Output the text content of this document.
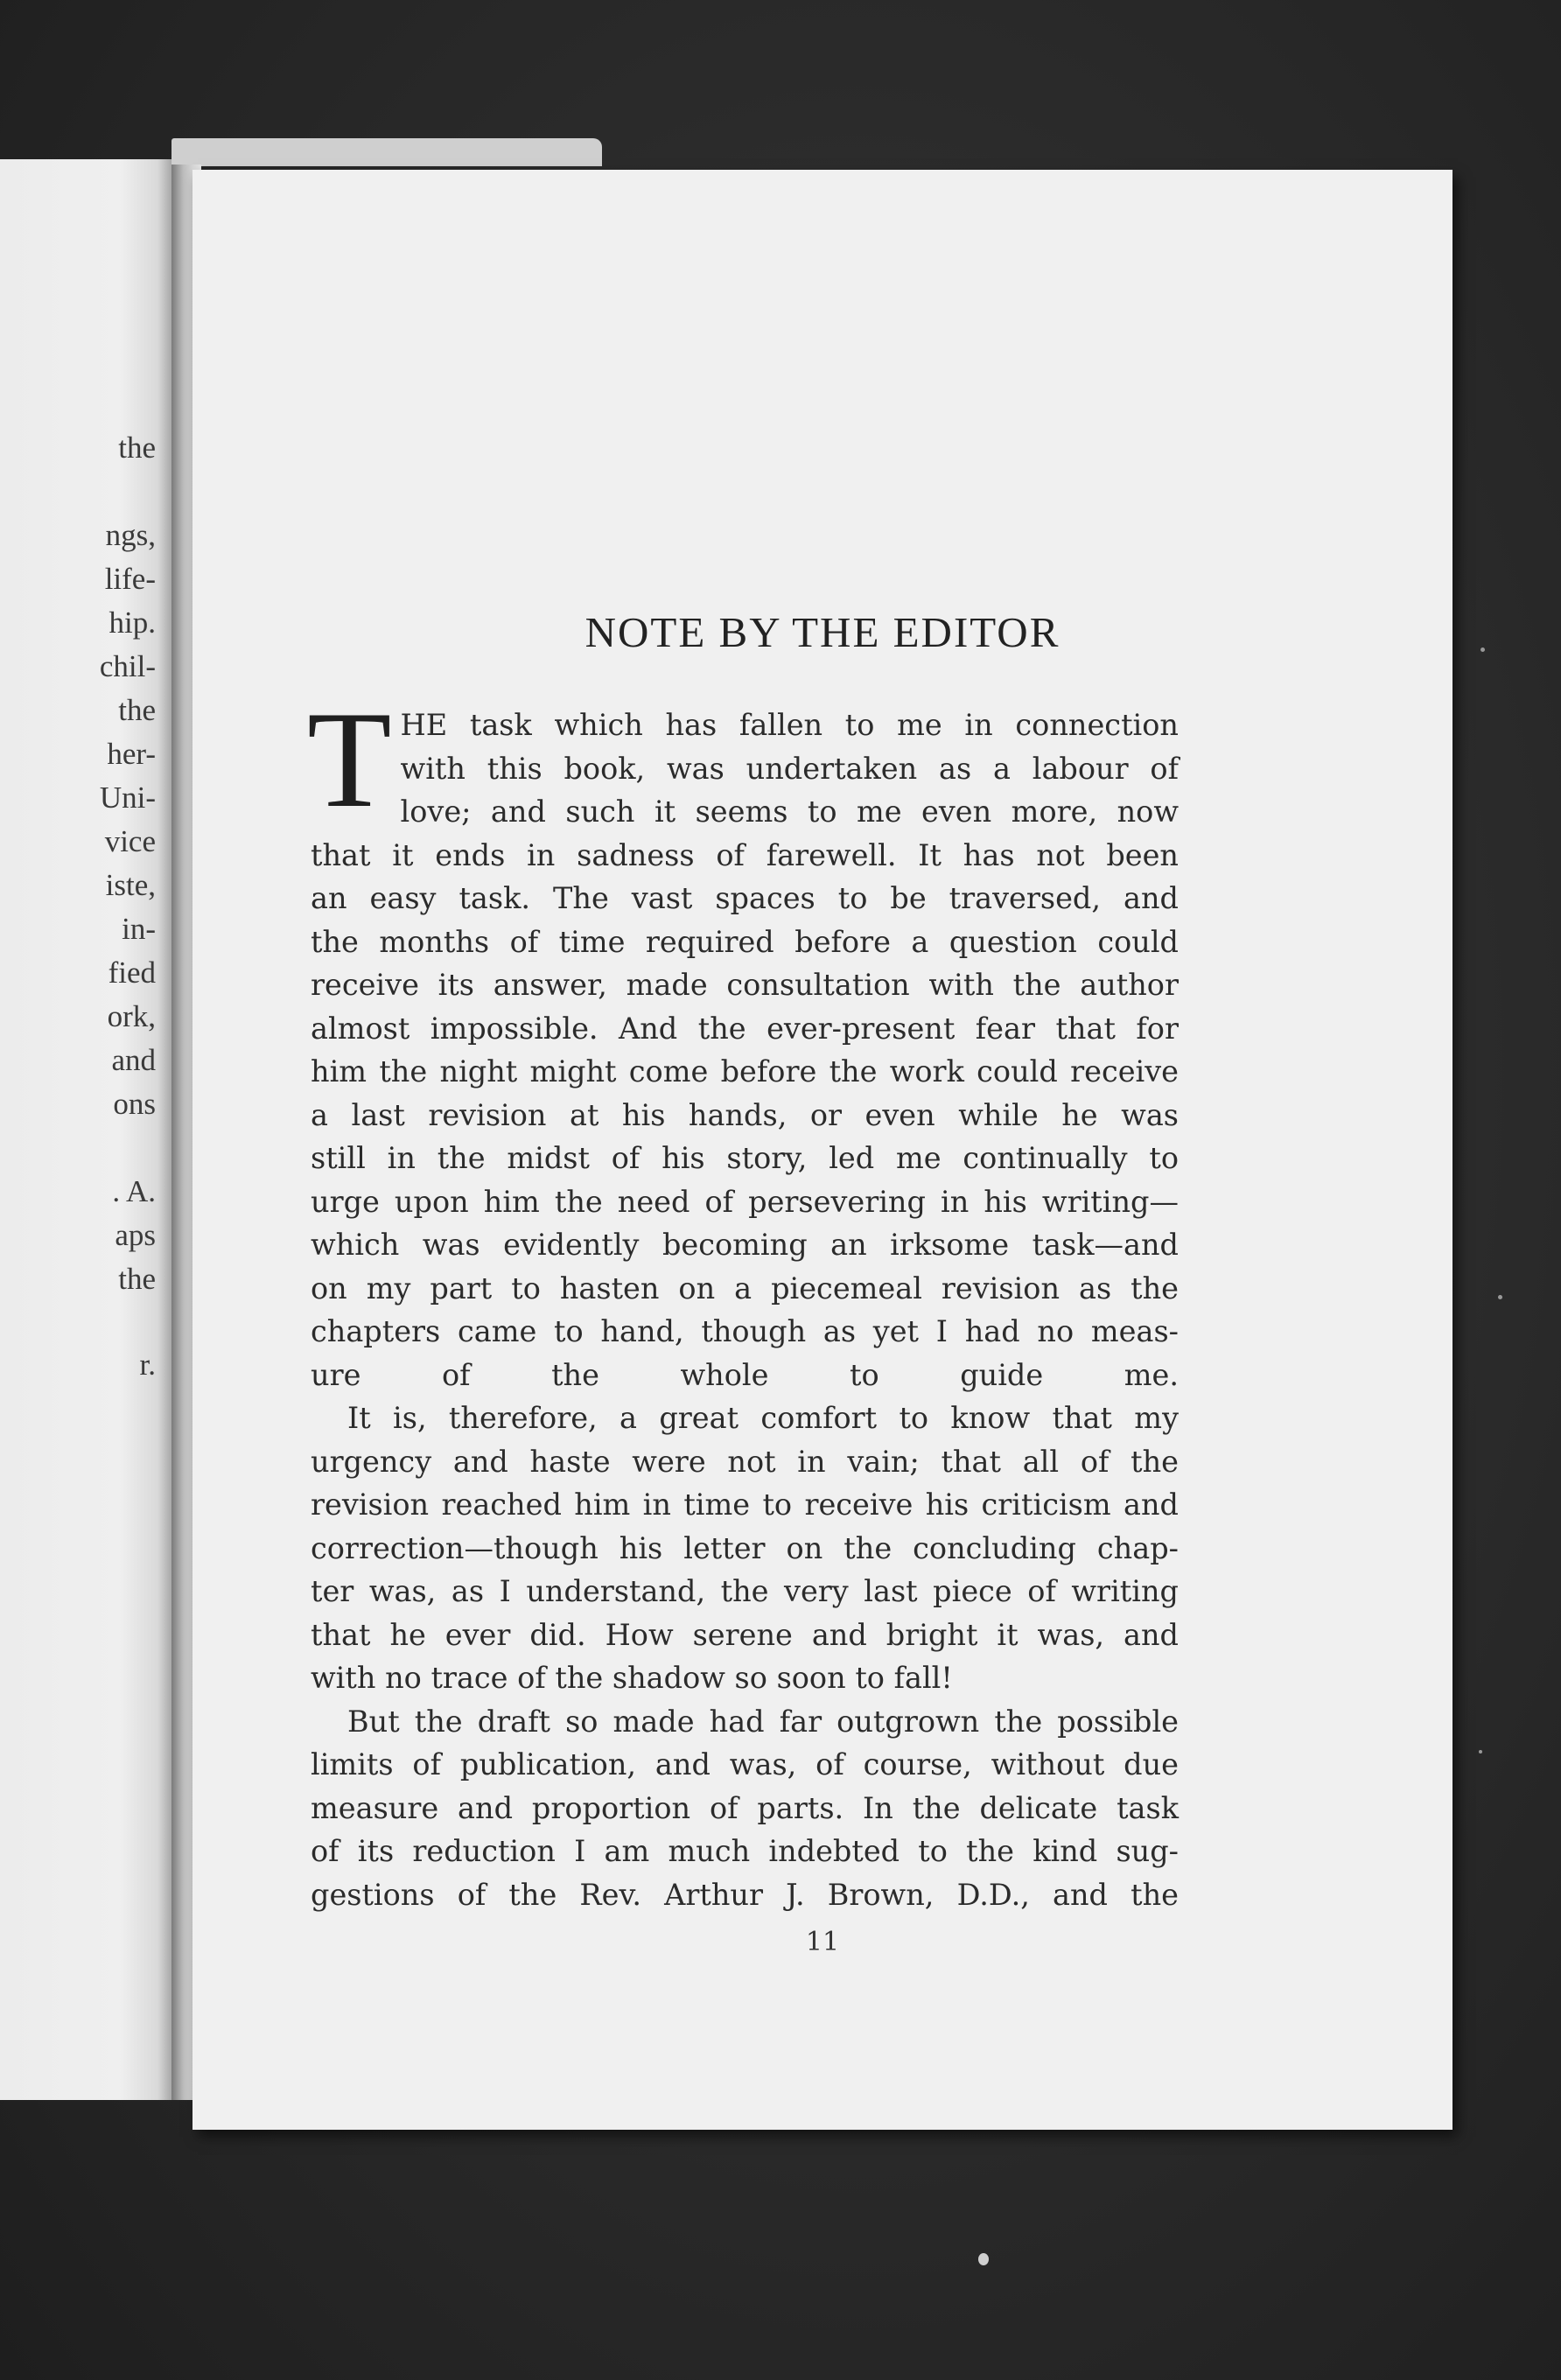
the
ngs,
life-
hip.
chil-
the
her-
Uni-
vice
iste,
in-
fied
ork,
and
ons
. A.
aps
the
r.
NOTE BY THE EDITOR

T HE task which has fallen to me in connection
with this book, was undertaken as a labour of
love; and such it seems to me even more, now
that it ends in sadness of farewell. It has not been
an easy task. The vast spaces to be traversed, and
the months of time required before a question could
receive its answer, made consultation with the author
almost impossible. And the ever-present fear that for
him the night might come before the work could receive
a last revision at his hands, or even while he was
still in the midst of his story, led me continually to
urge upon him the need of persevering in his writing—
which was evidently becoming an irksome task—and
on my part to hasten on a piecemeal revision as the
chapters came to hand, though as yet I had no meas-
ure of the whole to guide me.

It is, therefore, a great comfort to know that my
urgency and haste were not in vain; that all of the
revision reached him in time to receive his criticism and
correction—though his letter on the concluding chap-
ter was, as I understand, the very last piece of writing
that he ever did. How serene and bright it was, and
with no trace of the shadow so soon to fall!

But the draft so made had far outgrown the possible
limits of publication, and was, of course, without due
measure and proportion of parts. In the delicate task
of its reduction I am much indebted to the kind sug-
gestions of the Rev. Arthur J. Brown, D.D., and the

11
